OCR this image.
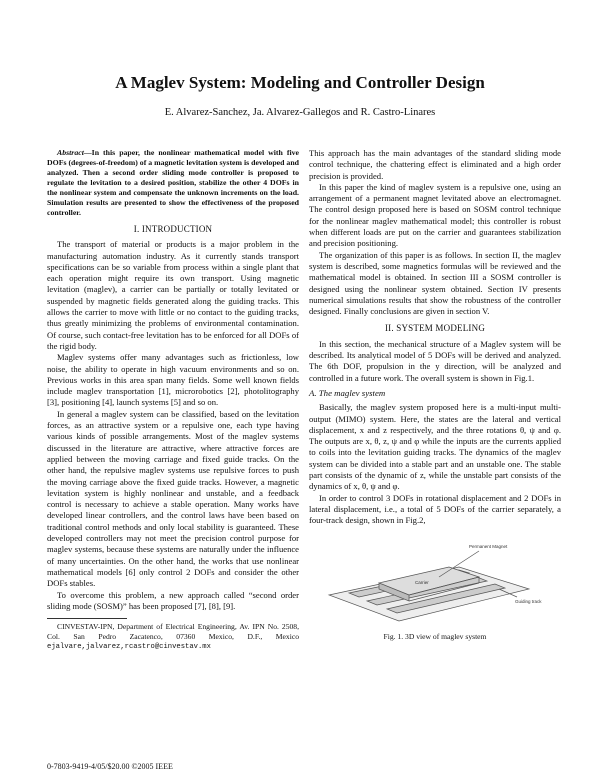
A Maglev System: Modeling and Controller Design
E. Alvarez-Sanchez, Ja. Alvarez-Gallegos and R. Castro-Linares

Abstract—In this paper, the nonlinear mathematical model with five DOFs (degrees-of-freedom) of a magnetic levitation system is developed and analyzed. Then a second order sliding mode controller is proposed to regulate the levitation to a desired position, stabilize the other 4 DOFs in the nonlinear system and compensate the unknown increments on the load. Simulation results are presented to show the effectiveness of the proposed controller.

I. INTRODUCTION

The transport of material or products is a major problem in the manufacturing automation industry. As it currently stands transport specifications can be so variable from process within a single plant that each operation might require its own transport. Using magnetic levitation (maglev), a carrier can be partially or totally levitated or suspended by magnetic fields generated along the guiding tracks. This allows the carrier to move with little or no contact to the guiding tracks, thus greatly minimizing the problems of environmental contamination. Of course, such contact-free levitation has to be enforced for all DOFs of the rigid body.

Maglev systems offer many advantages such as frictionless, low noise, the ability to operate in high vacuum environments and so on. Previous works in this area span many fields. Some well known fields include maglev transportation [1], microrobotics [2], photolitography [3], positioning [4], launch systems [5] and so on.

In general a maglev system can be classified, based on the levitation forces, as an attractive system or a repulsive one, each type having various kinds of possible arrangements. Most of the maglev systems discussed in the literature are attractive, where attractive forces are applied between the moving carriage and fixed guide tracks. On the other hand, the repulsive maglev systems use repulsive forces to push the moving carriage above the fixed guide tracks. However, a magnetic levitation system is highly nonlinear and unstable, and a feedback control is necessary to achieve a stable operation. Many works have developed linear controllers, and the control laws have been based on traditional control methods and only local stability is guaranteed. These developed controllers may not meet the precision control purpose for maglev systems, because these systems are naturally under the influence of many uncertainties. On the other hand, the works that use nonlinear mathematical models [6] only control 2 DOFs and consider the other DOFs stables.

To overcome this problem, a new approach called “second order sliding mode (SOSM)” has been proposed [7], [8], [9].

CINVESTAV-IPN, Department of Electrical Engineering, Av. IPN No. 2508, Col. San Pedro Zacatenco, 07360 Mexico, D.F., Mexico ejalvare,jalvarez,rcastro@cinvestav.mx

This approach has the main advantages of the standard sliding mode control technique, the chattering effect is eliminated and a high order precision is provided.

In this paper the kind of maglev system is a repulsive one, using an arrangement of a permanent magnet levitated above an electromagnet. The control design proposed here is based on SOSM control technique for the nonlinear maglev mathematical model; this controller is robust when different loads are put on the carrier and guarantees stabilization and precision positioning.

The organization of this paper is as follows. In section II, the maglev system is described, some magnetics formulas will be reviewed and the mathematical model is obtained. In section III a SOSM controller is designed using the nonlinear system obtained. Section IV presents numerical simulations results that show the robustness of the controller designed. Finally conclusions are given in section V.

II. SYSTEM MODELING

In this section, the mechanical structure of a Maglev system will be described. Its analytical model of 5 DOFs will be derived and analyzed. The 6th DOF, propulsion in the y direction, will be analyzed and controlled in a future work. The overall system is shown in Fig.1.

A. The maglev system

Basically, the maglev system proposed here is a multi-input multi-output (MIMO) system. Here, the states are the lateral and vertical displacement, x and z respectively, and the three rotations θ, ψ and φ. The outputs are x, θ, z, ψ and φ while the inputs are the currents applied to coils into the levitation guiding tracks. The dynamics of the maglev system can be divided into a stable part and an unstable one. The stable part consists of the dynamic of z, while the unstable part consists of the dynamics of x, θ, ψ and φ.

In order to control 3 DOFs in rotational displacement and 2 DOFs in lateral displacement, i.e., a total of 5 DOFs of the carrier separately, a four-track design, shown in Fig.2,

Permanent Magnet
Carrier
Guiding track
Fig. 1. 3D view of maglev system
0-7803-9419-4/05/$20.00 ©2005 IEEE
